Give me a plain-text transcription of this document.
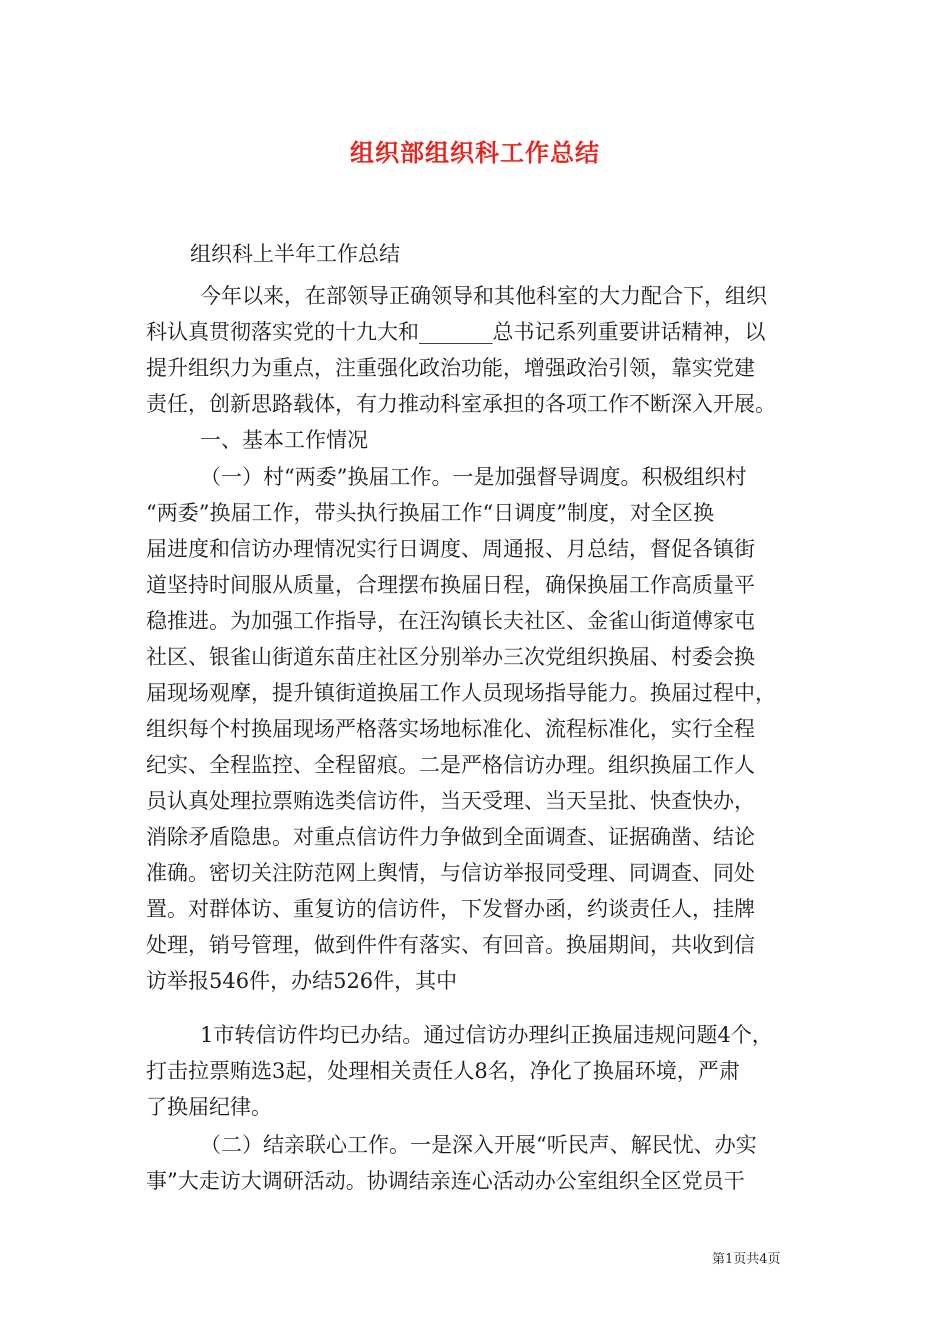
组织部组织科工作总结

组织科上半年工作总结

今年以来，在部领导正确领导和其他科室的大力配合下，组织

科认真贯彻落实党的十九大和_______总书记系列重要讲话精神，以

提升组织力为重点，注重强化政治功能，增强政治引领，靠实党建

责任，创新思路载体，有力推动科室承担的各项工作不断深入开展。

一、基本工作情况

（一）村“两委”换届工作。一是加强督导调度。积极组织村

“两委”换届工作，带头执行换届工作“日调度”制度，对全区换

届进度和信访办理情况实行日调度、周通报、月总结，督促各镇街

道坚持时间服从质量，合理摆布换届日程，确保换届工作高质量平

稳推进。为加强工作指导，在汪沟镇长夫社区、金雀山街道傅家屯

社区、银雀山街道东苗庄社区分别举办三次党组织换届、村委会换

届现场观摩，提升镇街道换届工作人员现场指导能力。换届过程中，

组织每个村换届现场严格落实场地标准化、流程标准化，实行全程

纪实、全程监控、全程留痕。二是严格信访办理。组织换届工作人

员认真处理拉票贿选类信访件，当天受理、当天呈批、快查快办，

消除矛盾隐患。对重点信访件力争做到全面调查、证据确凿、结论

准确。密切关注防范网上舆情，与信访举报同受理、同调查、同处

置。对群体访、重复访的信访件，下发督办函，约谈责任人，挂牌

处理，销号管理，做到件件有落实、有回音。换届期间，共收到信

访举报546件，办结526件，其中

1市转信访件均已办结。通过信访办理纠正换届违规问题4个，

打击拉票贿选3起，处理相关责任人8名，净化了换届环境，严肃

了换届纪律。

（二）结亲联心工作。一是深入开展“听民声、解民忧、办实

事”大走访大调研活动。协调结亲连心活动办公室组织全区党员干

第1页共4页
